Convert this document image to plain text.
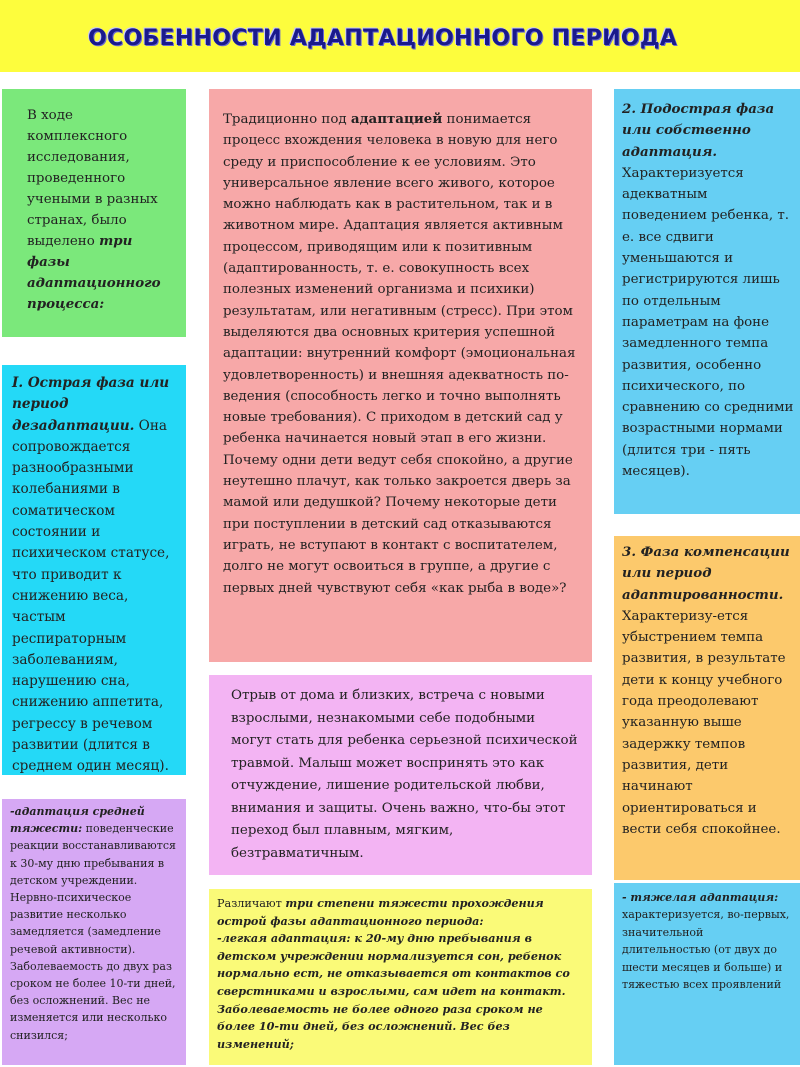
ОСОБЕННОСТИ АДАПТАЦИОННОГО ПЕРИОДА

В ходе комплексного исследования, проведенного учеными в разных странах, было выделено три фазы адаптационного процесса:

I. Острая фаза или период дезадаптации. Она сопровождается разнообразными колебаниями в соматическом состоянии и психическом статусе, что приводит к снижению веса, частым респираторным заболеваниям, нарушению сна, снижению аппетита, регрессу в речевом развитии (длится в среднем один месяц).

-адаптация средней тяжести: поведенческие реакции восстанавливаются к 30-му дню пребывания в детском учреждении. Нервно-психическое развитие несколько замедляется (замедление речевой активности). Заболеваемость до двух раз сроком не более 10-ти дней, без осложнений. Вес не изменяется или несколько снизился;

Традиционно под адаптацией понимается процесс вхождения человека в новую для него среду и приспособление к ее условиям. Это универсальное явление всего живого, которое можно наблюдать как в растительном, так и в животном мире. Адаптация является активным процессом, приводящим или к позитивным (адаптированность, т. е. совокупность всех полезных изменений организма и психики) результатам, или негативным (стресс). При этом выделяются два основных критерия успешной адаптации: внутренний комфорт (эмоциональная удовлетворенность) и внешняя адекватность по-ведения (способность легко и точно выполнять новые требования). С приходом в детский сад у ребенка начинается новый этап в его жизни. Почему одни дети ведут себя спокойно, а другие неутешно плачут, как только закроется дверь за мамой или дедушкой? Почему некоторые дети при поступлении в детский сад отказываются играть, не вступают в контакт с воспитателем, долго не могут освоиться в группе, а другие с первых дней чувствуют себя «как рыба в воде»?

Отрыв от дома и близких, встреча с новыми взрослыми, незнакомыми себе подобными могут стать для ребенка серьезной психической травмой. Малыш может воспринять это как отчуждение, лишение родительской любви, внимания и защиты. Очень важно, что-бы этот переход был плавным, мягким, безтравматичным.

Различают три степени тяжести прохождения острой фазы адаптационного периода:

-легкая адаптация: к 20-му дню пребывания в детском учреждении нормализуется сон, ребенок нормально ест, не отказывается от контактов со сверстниками и взрослыми, сам идет на контакт. Заболеваемость не более одного раза сроком не более 10-ти дней, без осложнений. Вес без изменений;

2. Подострая фаза или собственно адаптация. Характеризуется адекватным поведением ребенка, т. е. все сдвиги уменьшаются и регистрируются лишь по отдельным параметрам на фоне замедленного темпа развития, особенно психического, по сравнению со средними возрастными нормами (длится три - пять месяцев).

3. Фаза компенсации или период адаптированности. Характеризу-ется убыстрением темпа развития, в результате дети к концу учебного года преодолевают указанную выше задержку темпов развития, дети начинают ориентироваться и вести себя спокойнее.

- тяжелая адаптация: характеризуется, во-первых, значительной длительностью (от двух до шести месяцев и больше) и тяжестью всех проявлений
